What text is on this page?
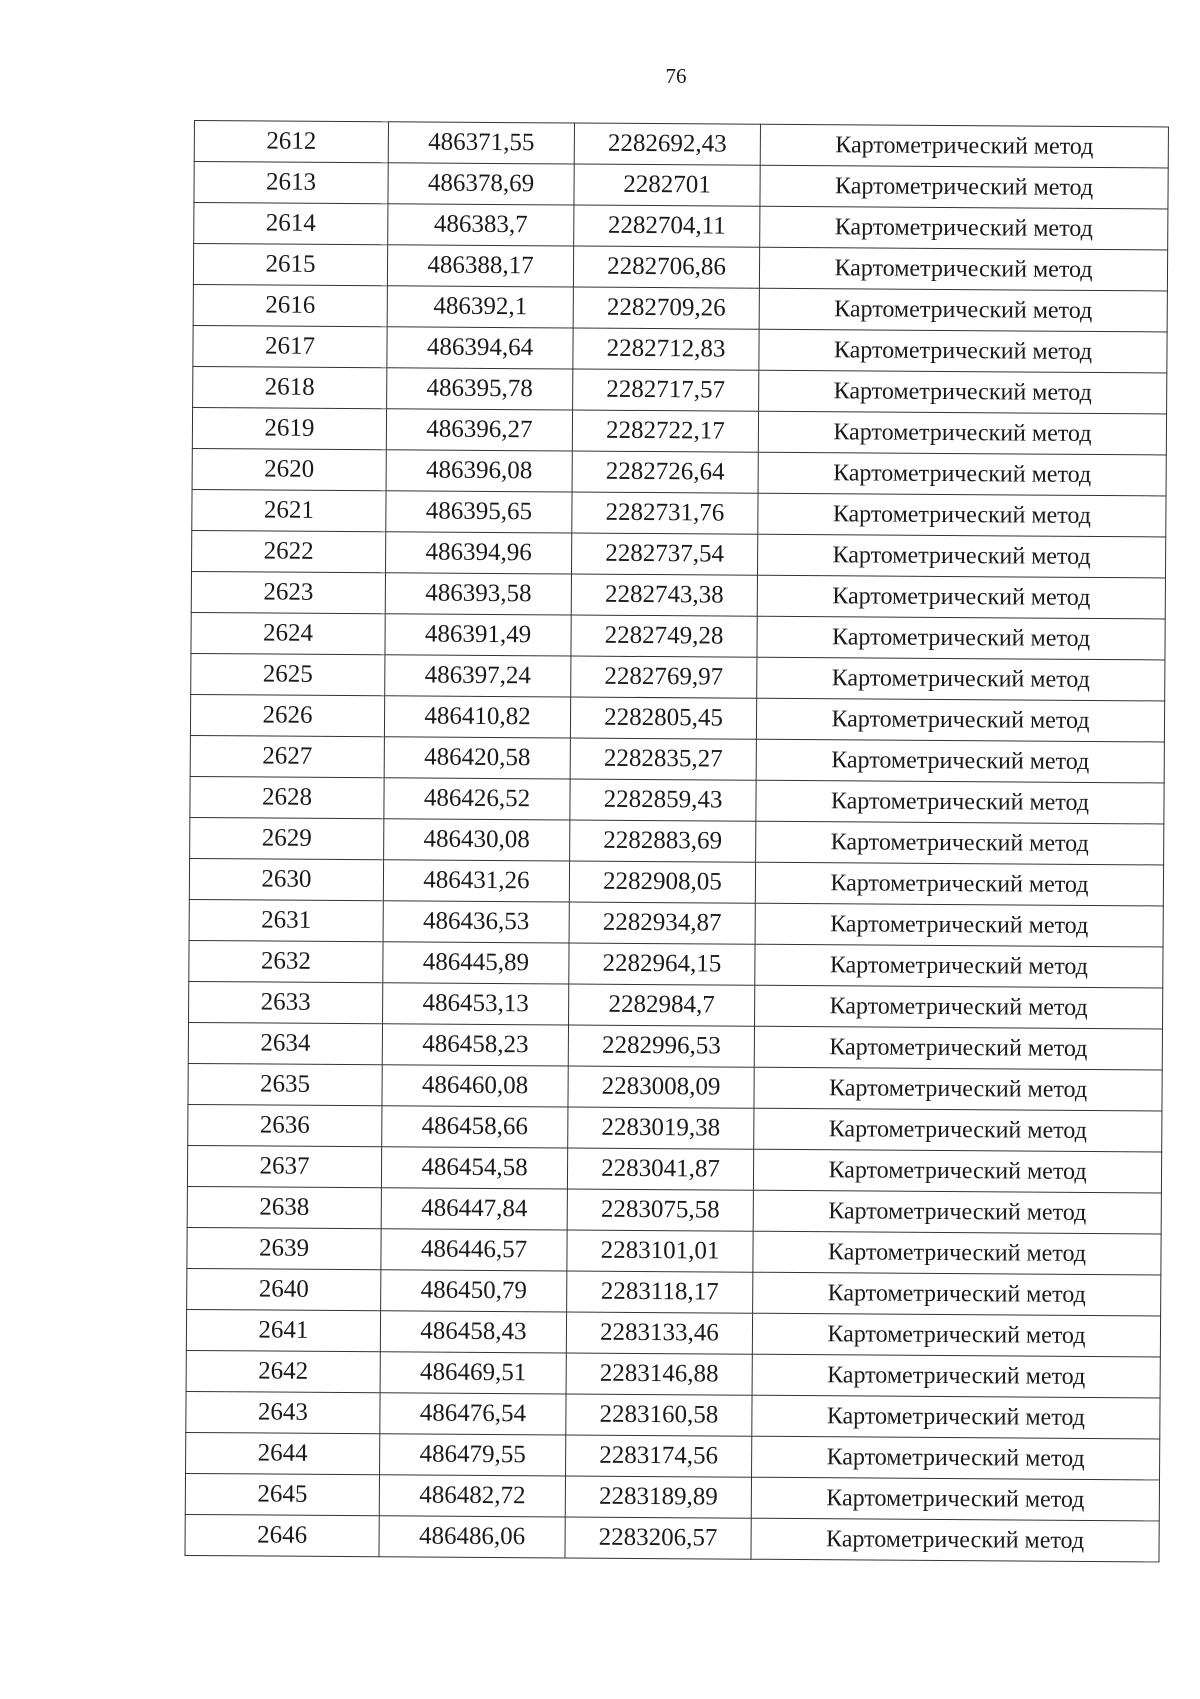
76
2612	486371,55	2282692,43	Картометрический метод
2613	486378,69	2282701	Картометрический метод
2614	486383,7	2282704,11	Картометрический метод
2615	486388,17	2282706,86	Картометрический метод
2616	486392,1	2282709,26	Картометрический метод
2617	486394,64	2282712,83	Картометрический метод
2618	486395,78	2282717,57	Картометрический метод
2619	486396,27	2282722,17	Картометрический метод
2620	486396,08	2282726,64	Картометрический метод
2621	486395,65	2282731,76	Картометрический метод
2622	486394,96	2282737,54	Картометрический метод
2623	486393,58	2282743,38	Картометрический метод
2624	486391,49	2282749,28	Картометрический метод
2625	486397,24	2282769,97	Картометрический метод
2626	486410,82	2282805,45	Картометрический метод
2627	486420,58	2282835,27	Картометрический метод
2628	486426,52	2282859,43	Картометрический метод
2629	486430,08	2282883,69	Картометрический метод
2630	486431,26	2282908,05	Картометрический метод
2631	486436,53	2282934,87	Картометрический метод
2632	486445,89	2282964,15	Картометрический метод
2633	486453,13	2282984,7	Картометрический метод
2634	486458,23	2282996,53	Картометрический метод
2635	486460,08	2283008,09	Картометрический метод
2636	486458,66	2283019,38	Картометрический метод
2637	486454,58	2283041,87	Картометрический метод
2638	486447,84	2283075,58	Картометрический метод
2639	486446,57	2283101,01	Картометрический метод
2640	486450,79	2283118,17	Картометрический метод
2641	486458,43	2283133,46	Картометрический метод
2642	486469,51	2283146,88	Картометрический метод
2643	486476,54	2283160,58	Картометрический метод
2644	486479,55	2283174,56	Картометрический метод
2645	486482,72	2283189,89	Картометрический метод
2646	486486,06	2283206,57	Картометрический метод
